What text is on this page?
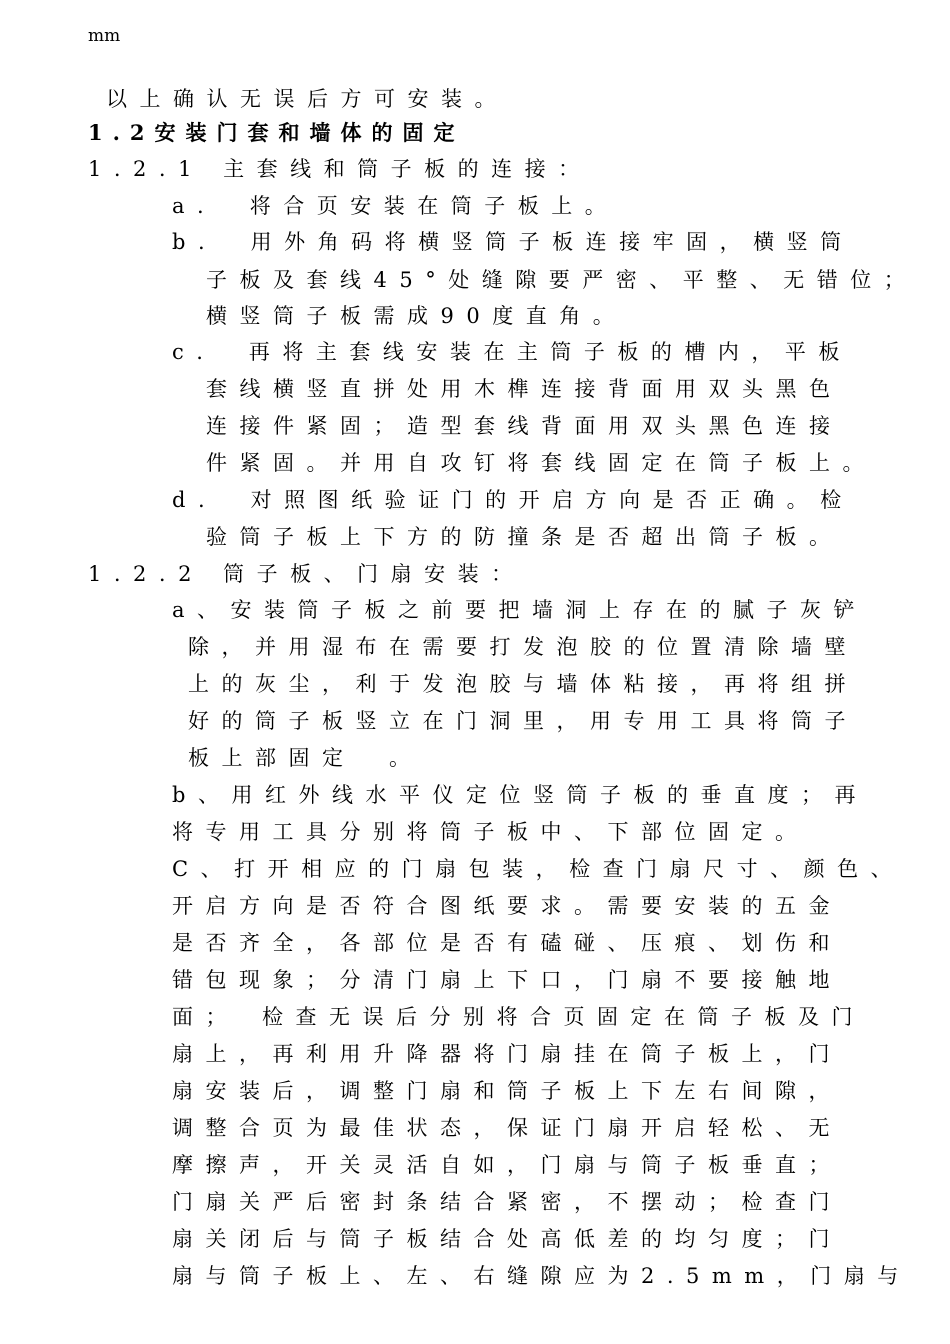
mm
以上确认无误后方可安装。
1.2安装门套和墙体的固定
1.2.1 主套线和筒子板的连接：
a.　将合页安装在筒子板上。
b.　用外角码将横竖筒子板连接牢固，横竖筒
子板及套线45°处缝隙要严密、平整、无错位；
横竖筒子板需成90度直角。
c.　再将主套线安装在主筒子板的槽内，平板
套线横竖直拼处用木榫连接背面用双头黑色
连接件紧固；造型套线背面用双头黑色连接
件紧固。并用自攻钉将套线固定在筒子板上。
d.　对照图纸验证门的开启方向是否正确。检
验筒子板上下方的防撞条是否超出筒子板。
1.2.2 筒子板、门扇安装：
a、安装筒子板之前要把墙洞上存在的腻子灰铲
除，并用湿布在需要打发泡胶的位置清除墙壁
上的灰尘，利于发泡胶与墙体粘接，再将组拼
好的筒子板竖立在门洞里，用专用工具将筒子
板上部固定　。
b、用红外线水平仪定位竖筒子板的垂直度；再
将专用工具分别将筒子板中、下部位固定。
C、打开相应的门扇包装，检查门扇尺寸、颜色、
开启方向是否符合图纸要求。需要安装的五金
是否齐全，各部位是否有磕碰、压痕、划伤和
错包现象；分清门扇上下口，门扇不要接触地
面；　检查无误后分别将合页固定在筒子板及门
扇上，再利用升降器将门扇挂在筒子板上，门
扇安装后，调整门扇和筒子板上下左右间隙，
调整合页为最佳状态，保证门扇开启轻松、无
摩擦声，开关灵活自如，门扇与筒子板垂直；
门扇关严后密封条结合紧密，不摆动；检查门
扇关闭后与筒子板结合处高低差的均匀度；门
扇与筒子板上、左、右缝隙应为2.5mm，门扇与
